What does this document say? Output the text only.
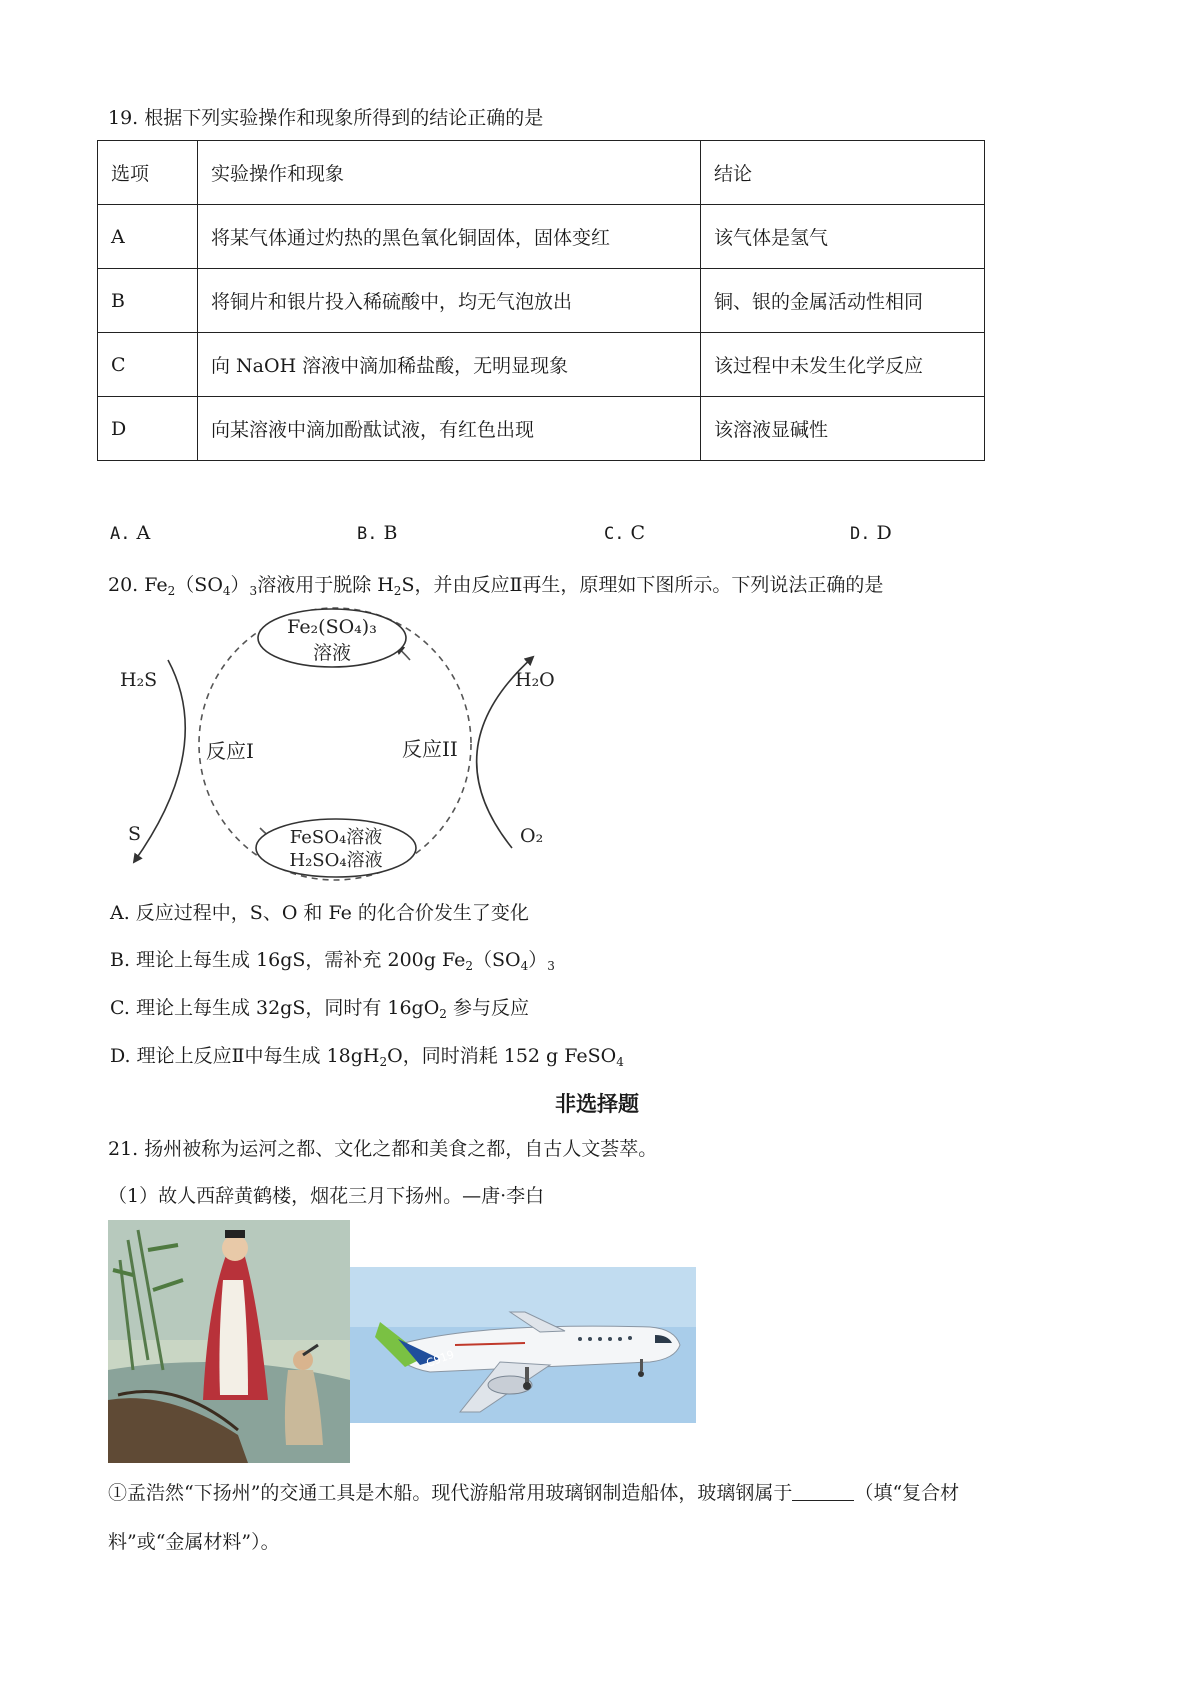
19. 根据下列实验操作和现象所得到的结论正确的是
选项	实验操作和现象	结论
A	将某气体通过灼热的黑色氧化铜固体，固体变红	该气体是氢气
B	将铜片和银片投入稀硫酸中，均无气泡放出	铜、银的金属活动性相同
C	向 NaOH 溶液中滴加稀盐酸，无明显现象	该过程中未发生化学反应
D	向某溶液中滴加酚酞试液，有红色出现	该溶液显碱性
A. A	B. B	C. C	D. D
20. $Fe_2(SO_4)_3$溶液用于脱除 $H_2S$，并由反应Ⅱ再生，原理如下图所示。下列说法正确的是
Fe₂(SO₄)₃
溶液
FeSO₄溶液
H₂SO₄溶液
H₂S
S
H₂O
O₂
反应I	反应II
A. 反应过程中，S、O 和 Fe 的化合价发生了变化
B. 理论上每生成 16gS，需补充 200g $Fe_2(SO_4)_3$
C. 理论上每生成 32gS，同时有 $16gO_2$ 参与反应
D. 理论上反应Ⅱ中每生成 $18gH_2O$，同时消耗 152 g FeSO$_4$
非选择题
21. 扬州被称为运河之都、文化之都和美食之都，自古人文荟萃。
（1）故人西辞黄鹤楼，烟花三月下扬州。—唐·李白
C919
①孟浩然“下扬州”的交通工具是木船。现代游船常用玻璃钢制造船体，玻璃钢属于	（填“复合材
料”或“金属材料”）。
